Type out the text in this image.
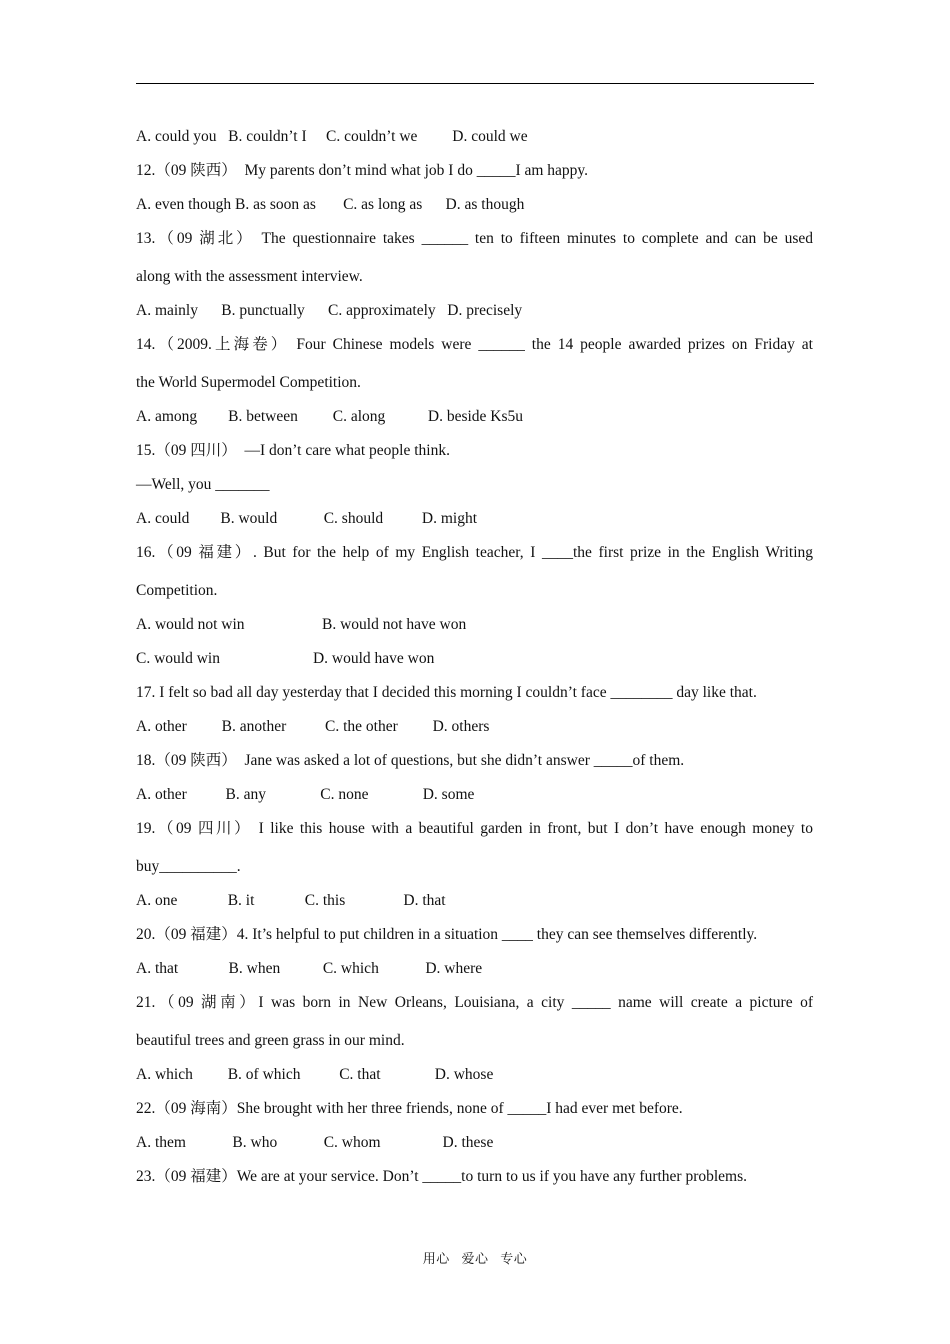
A. could you   B. couldn’t I     C. couldn’t we         D. could we
12.（09 陕西）  My parents don’t mind what job I do _____I am happy.
A. even though B. as soon as       C. as long as      D. as though
13.（09 湖北） The questionnaire takes ______ ten to fifteen minutes to complete and can be used
along with the assessment interview.
A. mainly      B. punctually      C. approximately   D. precisely
14.（2009.上海卷） Four Chinese models were ______ the 14 people awarded prizes on Friday at
the World Supermodel Competition.
A. among        B. between         C. along           D. beside Ks5u
15.（09 四川）  —I don’t care what people think.
—Well, you _______
A. could        B. would            C. should          D. might
16.（09 福建）. But for the help of my English teacher, I ____the first prize in the English Writing
Competition.
A. would not win                    B. would not have won
C. would win                        D. would have won
17. I felt so bad all day yesterday that I decided this morning I couldn’t face ________ day like that.
A. other         B. another          C. the other         D. others
18.（09 陕西）  Jane was asked a lot of questions, but she didn’t answer _____of them.
A. other          B. any              C. none              D. some
19.（09 四川） I like this house with a beautiful garden in front, but I don’t have enough money to
buy__________.
A. one             B. it             C. this               D. that
20.（09 福建）4. It’s helpful to put children in a situation ____ they can see themselves differently.
A. that             B. when           C. which            D. where
21.（09 湖南）I was born in New Orleans, Louisiana, a city _____ name will create a picture of
beautiful trees and green grass in our mind.
A. which         B. of which          C. that              D. whose
22.（09 海南）She brought with her three friends, none of _____I had ever met before.
A. them            B. who            C. whom                D. these
23.（09 福建）We are at your service. Don’t _____to turn to us if you have any further problems.
用心 爱心 专心
